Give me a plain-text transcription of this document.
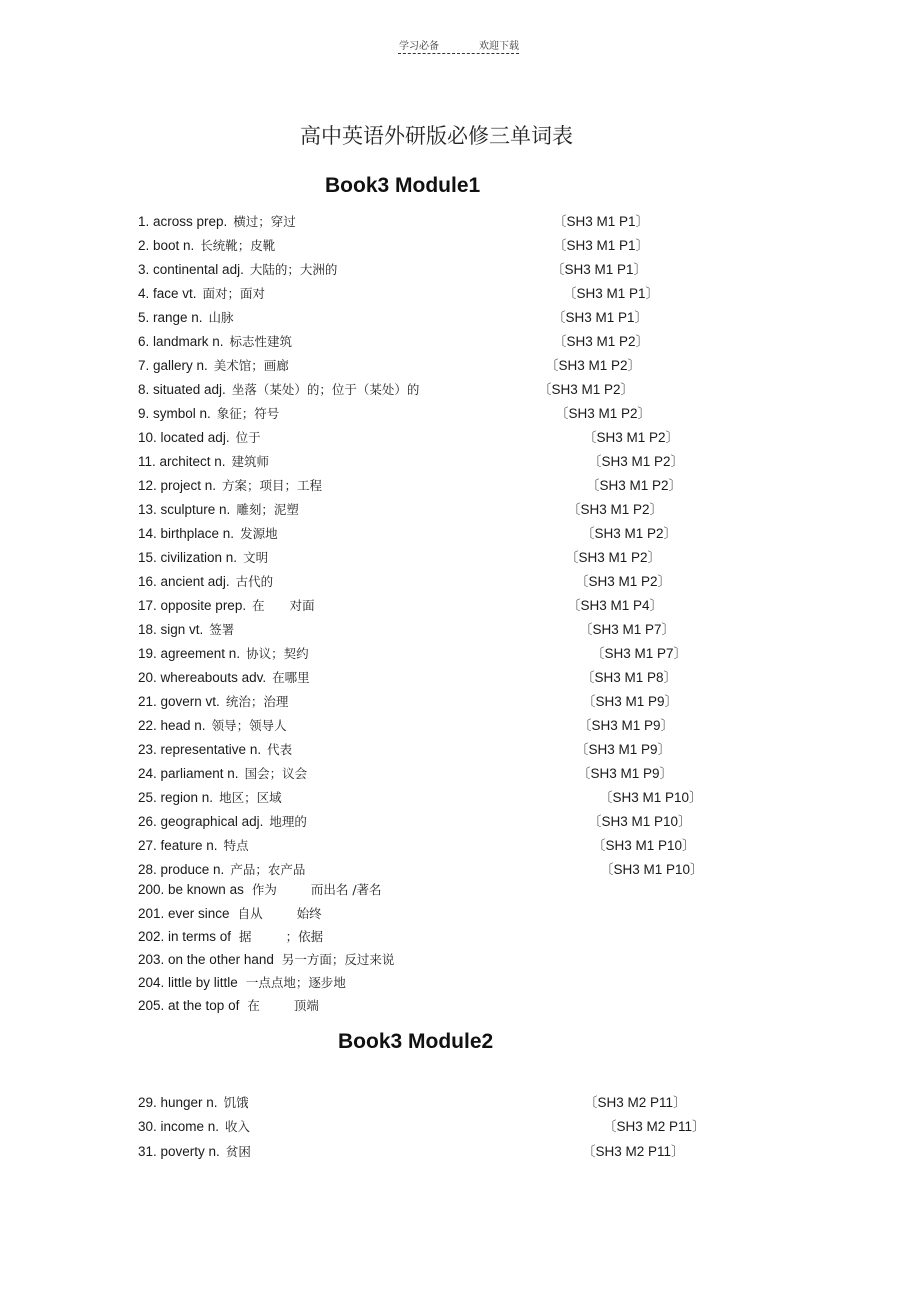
学习必备	欢迎下载
高中英语外研版必修三单词表
Book3 Module1
1. across prep. 横过；穿过	〔SH3 M1 P1〕
2. boot n. 长统靴；皮靴	〔SH3 M1 P1〕
3. continental adj. 大陆的；大洲的	〔SH3 M1 P1〕
4. face vt. 面对；面对	〔SH3 M1 P1〕
5. range n. 山脉	〔SH3 M1 P1〕
6. landmark n. 标志性建筑	〔SH3 M1 P2〕
7. gallery n. 美术馆；画廊	〔SH3 M1 P2〕
8. situated adj. 坐落（某处）的；位于（某处）的	〔SH3 M1 P2〕
9. symbol n. 象征；符号	〔SH3 M1 P2〕
10. located adj. 位于	〔SH3 M1 P2〕
11. architect n. 建筑师	〔SH3 M1 P2〕
12. project n. 方案；项目；工程	〔SH3 M1 P2〕
13. sculpture n. 雕刻；泥塑	〔SH3 M1 P2〕
14. birthplace n. 发源地	〔SH3 M1 P2〕
15. civilization n. 文明	〔SH3 M1 P2〕
16. ancient adj. 古代的	〔SH3 M1 P2〕
17. opposite prep. 在　　对面	〔SH3 M1 P4〕
18. sign vt. 签署	〔SH3 M1 P7〕
19. agreement n. 协议；契约	〔SH3 M1 P7〕
20. whereabouts adv. 在哪里	〔SH3 M1 P8〕
21. govern vt. 统治；治理	〔SH3 M1 P9〕
22. head n. 领导；领导人	〔SH3 M1 P9〕
23. representative n. 代表	〔SH3 M1 P9〕
24. parliament n. 国会；议会	〔SH3 M1 P9〕
25. region n. 地区；区域	〔SH3 M1 P10〕
26. geographical adj. 地理的	〔SH3 M1 P10〕
27. feature n. 特点	〔SH3 M1 P10〕
28. produce n. 产品；农产品	〔SH3 M1 P10〕
200. be known as 作为	而出名 /著名
201. ever since 自从	始终
202. in terms of 据	；依据
203. on the other hand 另一方面；反过来说
204. little by little 一点点地；逐步地
205. at the top of 在	顶端
Book3 Module2
29. hunger n. 饥饿	〔SH3 M2 P11〕
30. income n. 收入	〔SH3 M2 P11〕
31. poverty n. 贫困	〔SH3 M2 P11〕
